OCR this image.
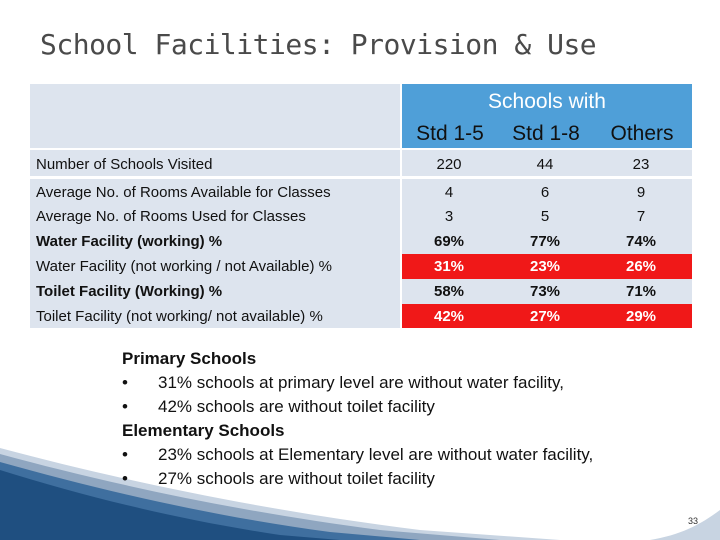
School Facilities: Provision & Use
Schools with
Std 1-5	Std 1-8	Others
Number of Schools Visited	220	44	23
Average No. of Rooms Available for Classes	4	6	9
Average No. of Rooms Used for Classes	3	5	7
Water Facility (working) %	69%	77%	74%
Water Facility (not working / not Available) %	31%	23%	26%
Toilet Facility (Working) %	58%	73%	71%
Toilet Facility (not working/ not available) %	42%	27%	29%
Primary Schools
• 31% schools at primary level are without water facility,
• 42% schools are without toilet facility
Elementary Schools
• 23% schools at Elementary level are without water facility,
• 27% schools are without toilet facility
33
